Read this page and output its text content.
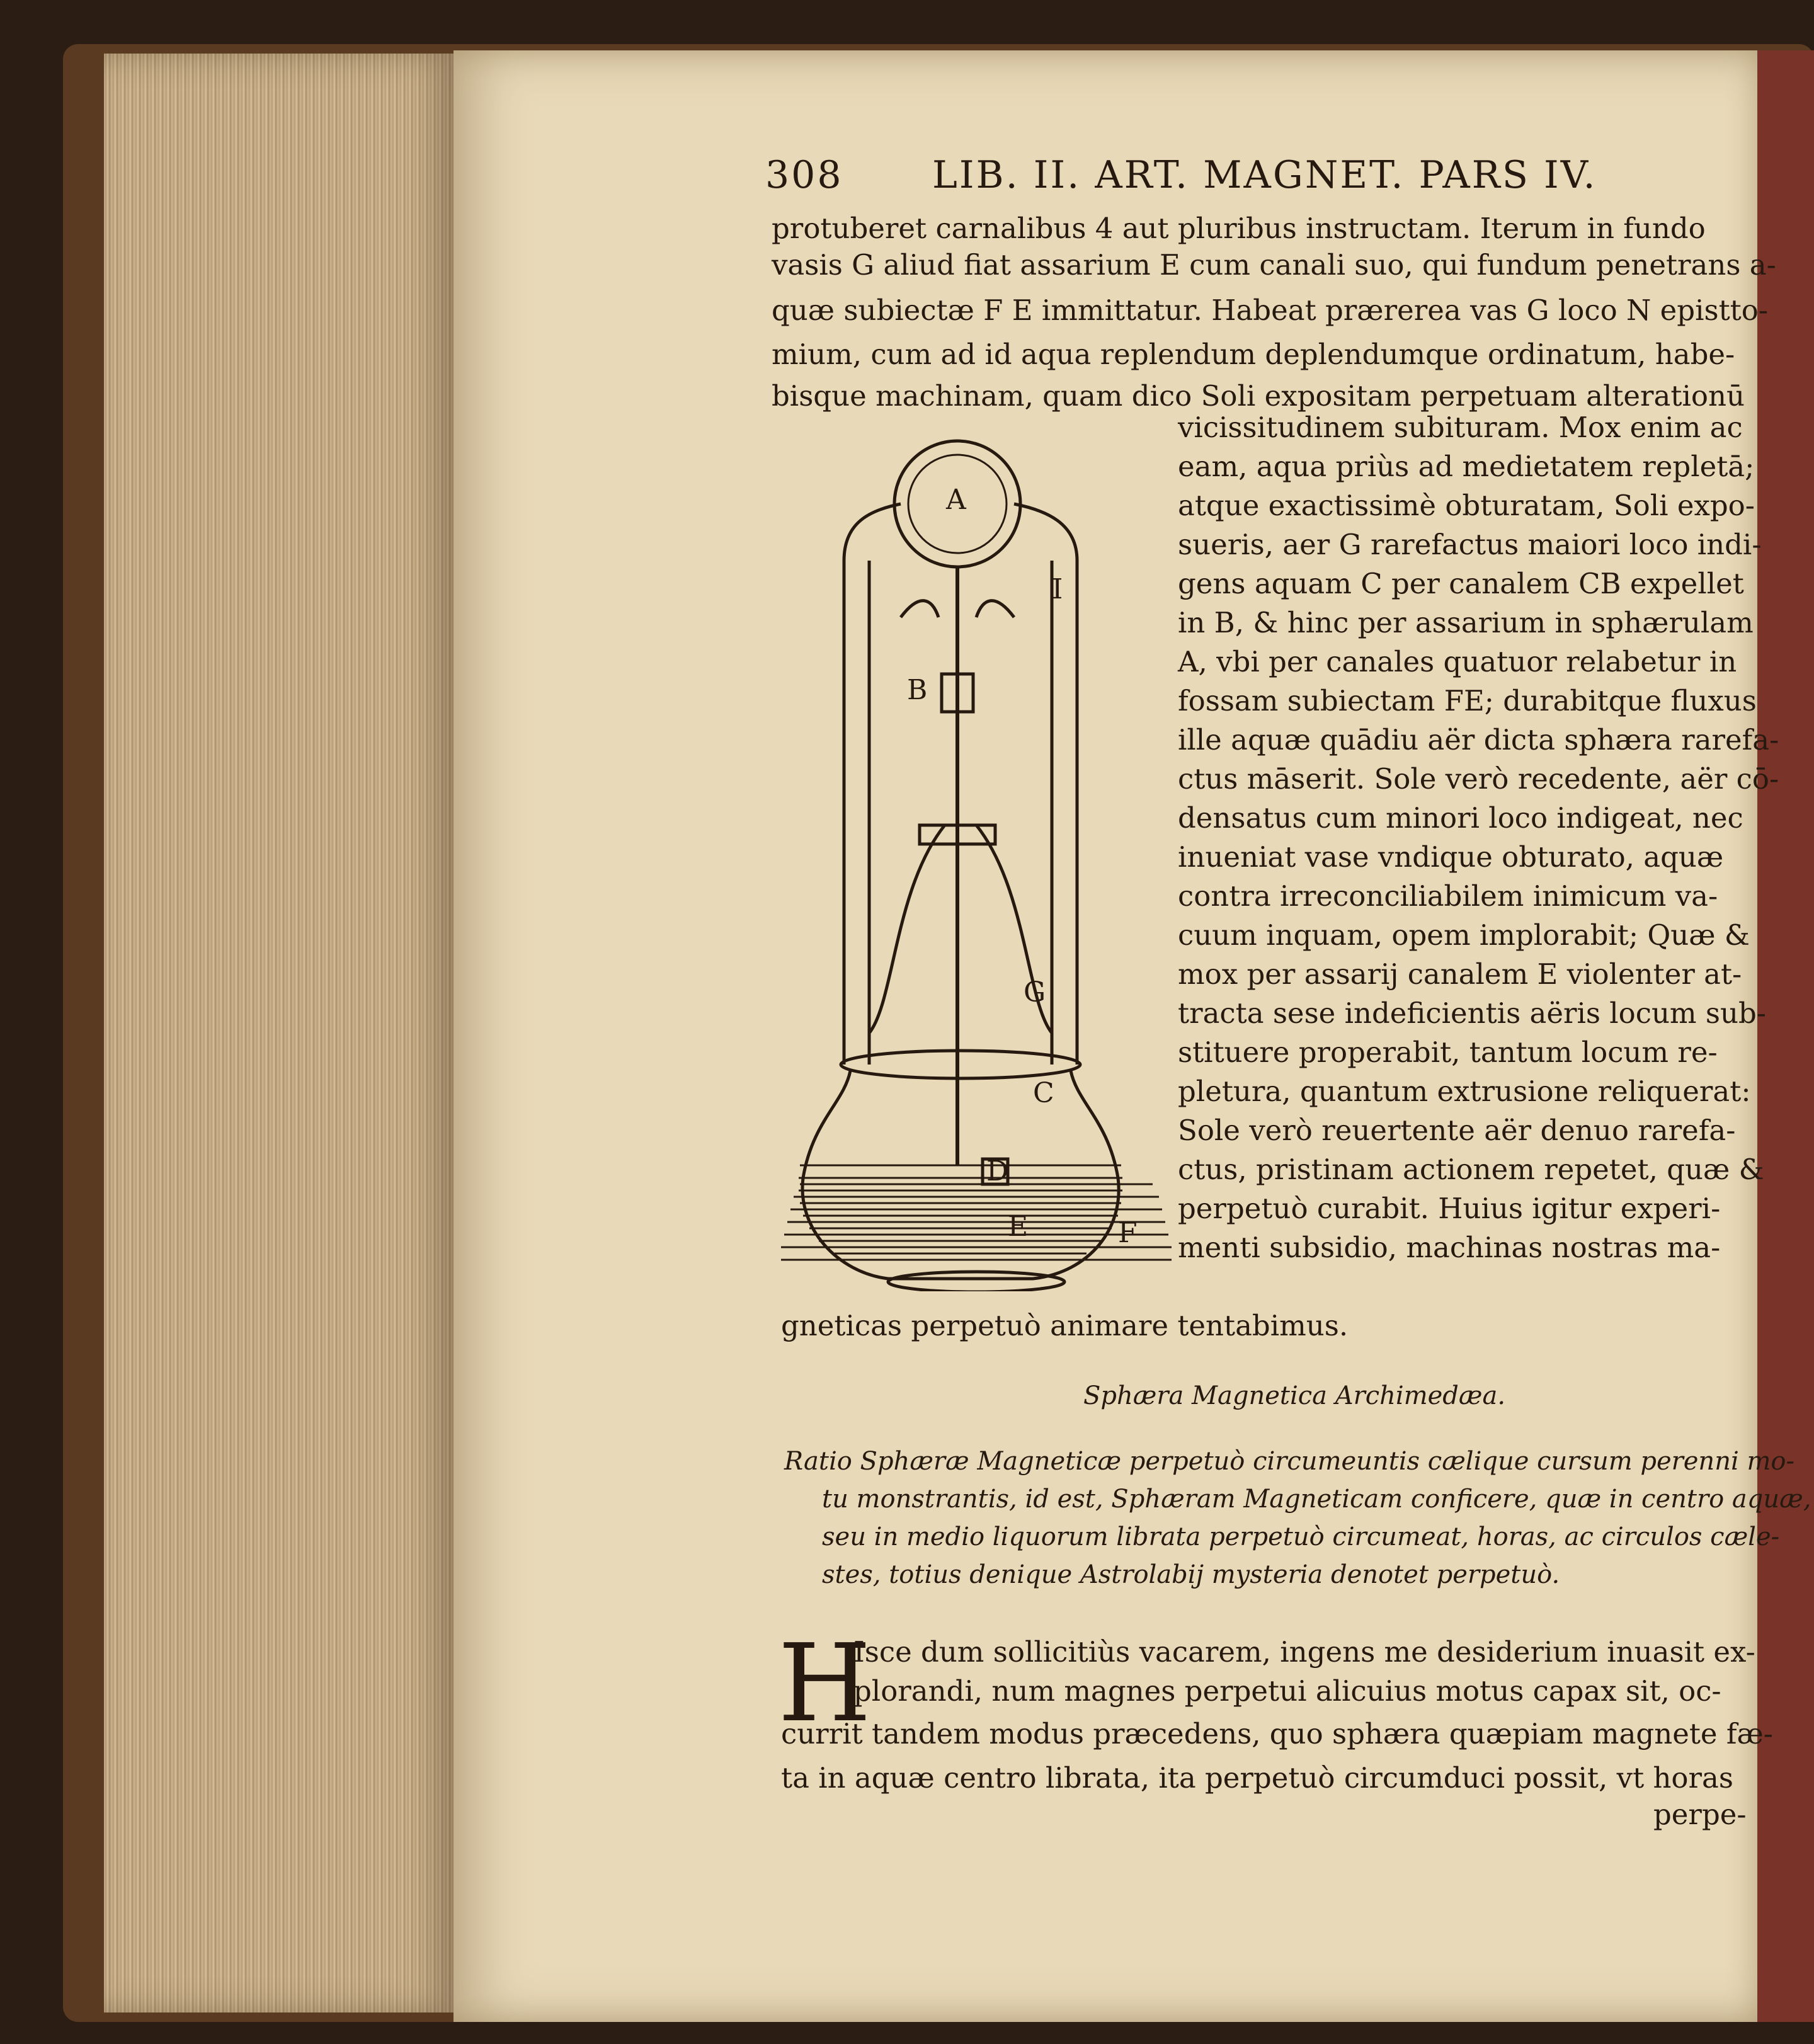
308 LIB. II. ART. MAGNET. PARS IV.
protuberet carnalibus 4 aut pluribus instructam. Iterum in fundo
vasis G aliud fiat assarium E cum canali suo, qui fundum penetrans a-
quæ subiectæ F E immittatur. Habeat prærerea vas G loco N epistto-
mium, cum ad id aqua replendum deplendumque ordinatum, habe-
bisque machinam, quam dico Soli expositam perpetuam alterationū
vicissitudinem subituram. Mox enim ac
eam, aqua priùs ad medietatem repletā;
atque exactissimè obturatam, Soli expo-
sueris, aer G rarefactus maiori loco indi-
gens aquam C per canalem CB expellet
in B, & hinc per assarium in sphærulam
A, vbi per canales quatuor relabetur in
fossam subiectam FE; durabitque fluxus
ille aquæ quādiu aër dicta sphæra rarefa-
ctus māserit. Sole verò recedente, aër cō-
densatus cum minori loco indigeat, nec
inueniat vase vndique obturato, aquæ
contra irreconciliabilem inimicum va-
cuum inquam, opem implorabit; Quæ &
mox per assarij canalem E violenter at-
tracta sese indeficientis aëris locum sub-
stituere properabit, tantum locum re-
pletura, quantum extrusione reliquerat:
Sole verò reuertente aër denuo rarefa-
ctus, pristinam actionem repetet, quæ &
perpetuò curabit. Huius igitur experi-
menti subsidio, machinas nostras ma-
gneticas perpetuò animare tentabimus.
Sphæra Magnetica Archimedæa.
Ratio Sphæræ Magneticæ perpetuò circumeuntis cælique cursum perenni mo-
tu monstrantis, id est, Sphæram Magneticam conficere, quæ in centro aquæ,
seu in medio liquorum librata perpetuò circumeat, horas, ac circulos cæle-
stes, totius denique Astrolabij mysteria denotet perpetuò.
H
Isce dum sollicitiùs vacarem, ingens me desiderium inuasit ex-
plorandi, num magnes perpetui alicuius motus capax sit, oc-
currit tandem modus præcedens, quo sphæra quæpiam magnete fæ-
ta in aquæ centro librata, ita perpetuò circumduci possit, vt horas
perpe-
A
I
B
G
C
D
E	F
